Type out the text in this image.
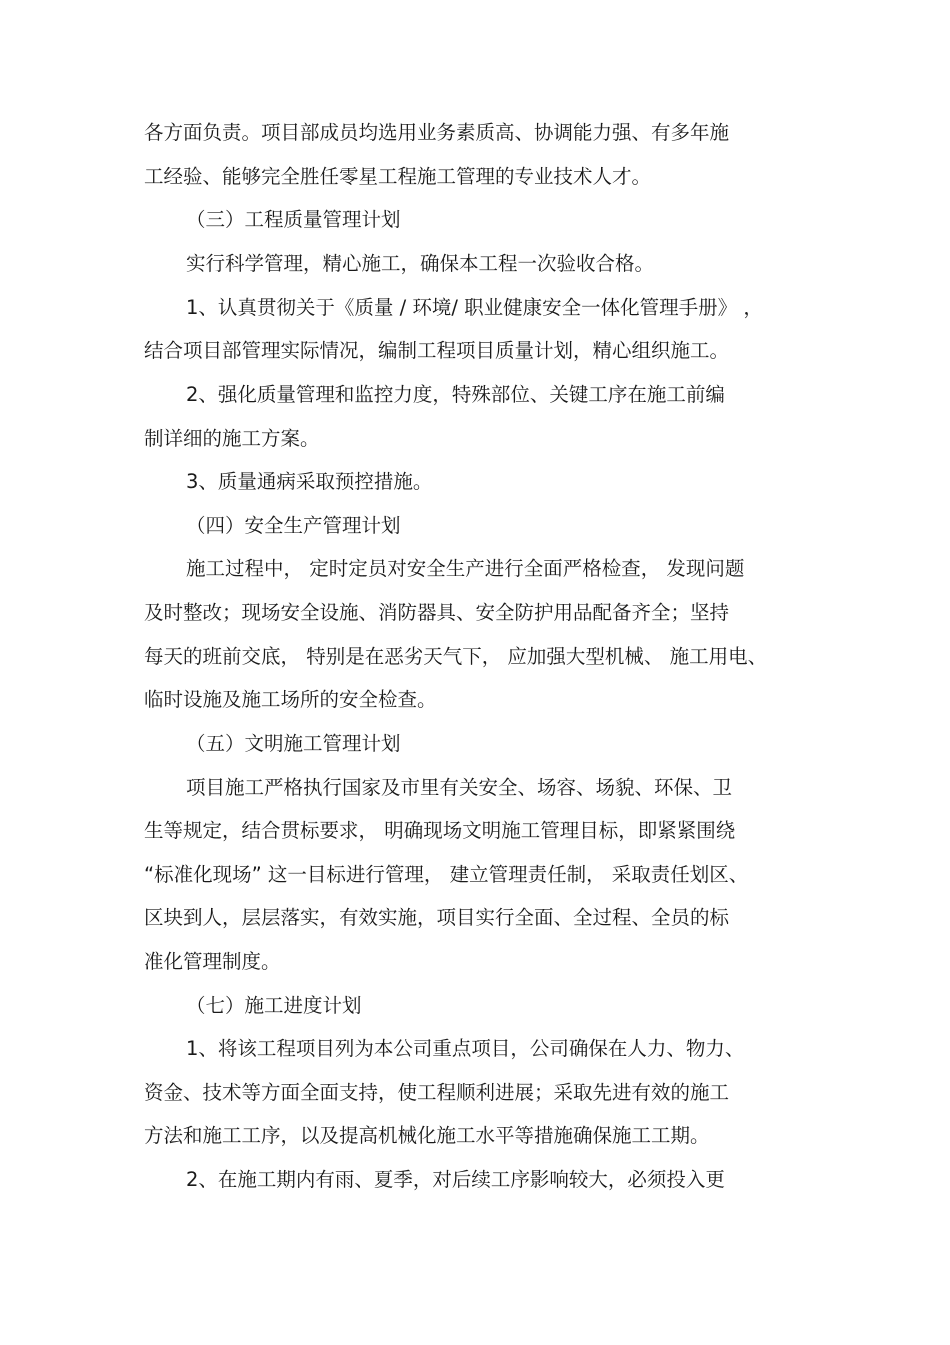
各方面负责。项目部成员均选用业务素质高、协调能力强、有多年施
工经验、能够完全胜任零星工程施工管理的专业技术人才。
（三）工程质量管理计划
实行科学管理，精心施工，确保本工程一次验收合格。
1、认真贯彻关于《质量 / 环境/ 职业健康安全一体化管理手册》 ，
结合项目部管理实际情况，编制工程项目质量计划，精心组织施工。
2、强化质量管理和监控力度，特殊部位、关键工序在施工前编
制详细的施工方案。
3、质量通病采取预控措施。
（四）安全生产管理计划
施工过程中， 定时定员对安全生产进行全面严格检查， 发现问题
及时整改；现场安全设施、消防器具、安全防护用品配备齐全；坚持
每天的班前交底， 特别是在恶劣天气下， 应加强大型机械、 施工用电、
临时设施及施工场所的安全检查。
（五）文明施工管理计划
项目施工严格执行国家及市里有关安全、场容、场貌、环保、卫
生等规定，结合贯标要求， 明确现场文明施工管理目标，即紧紧围绕
“标准化现场” 这一目标进行管理， 建立管理责任制， 采取责任划区、
区块到人，层层落实，有效实施，项目实行全面、全过程、全员的标
准化管理制度。
（七）施工进度计划
1、将该工程项目列为本公司重点项目，公司确保在人力、物力、
资金、技术等方面全面支持，使工程顺利进展；采取先进有效的施工
方法和施工工序，以及提高机械化施工水平等措施确保施工工期。
2、在施工期内有雨、夏季，对后续工序影响较大，必须投入更
